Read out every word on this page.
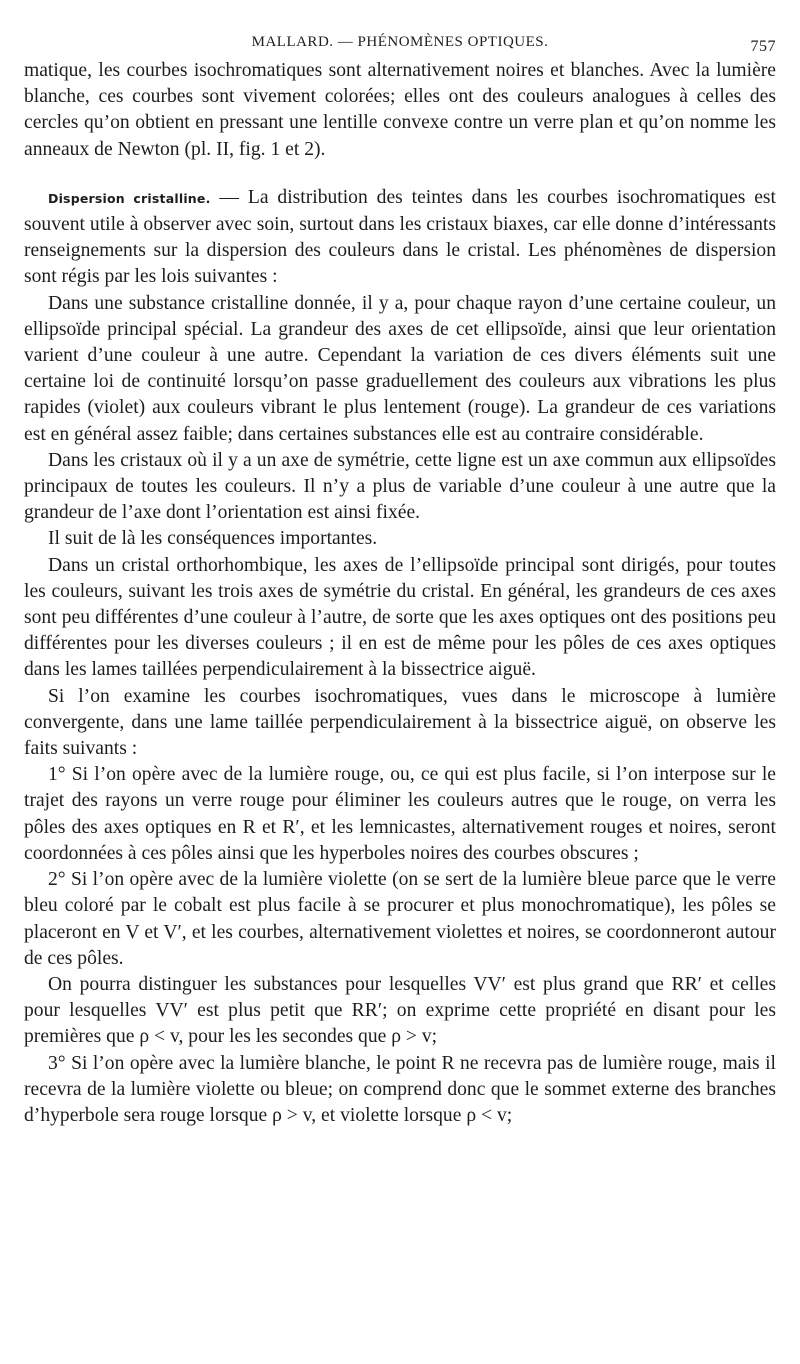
MALLARD. — PHÉNOMÈNES OPTIQUES.	757

matique, les courbes isochromatiques sont alternativement noires et blanches. Avec la lumière blanche, ces courbes sont vivement colorées; elles ont des couleurs analogues à celles des cercles qu’on obtient en pressant une lentille convexe contre un verre plan et qu’on nomme les anneaux de Newton (pl. II, fig. 1 et 2).

Dispersion cristalline. — La distribution des teintes dans les courbes isochromatiques est souvent utile à observer avec soin, surtout dans les cristaux biaxes, car elle donne d’intéressants renseignements sur la dispersion des couleurs dans le cristal. Les phénomènes de dispersion sont régis par les lois suivantes :

Dans une substance cristalline donnée, il y a, pour chaque rayon d’une certaine couleur, un ellipsoïde principal spécial. La grandeur des axes de cet ellipsoïde, ainsi que leur orientation varient d’une couleur à une autre. Cependant la variation de ces divers éléments suit une certaine loi de continuité lorsqu’on passe graduellement des couleurs aux vibrations les plus rapides (violet) aux couleurs vibrant le plus lentement (rouge). La grandeur de ces variations est en général assez faible; dans certaines substances elle est au contraire considérable.

Dans les cristaux où il y a un axe de symétrie, cette ligne est un axe commun aux ellipsoïdes principaux de toutes les couleurs. Il n’y a plus de variable d’une couleur à une autre que la grandeur de l’axe dont l’orientation est ainsi fixée.

Il suit de là les conséquences importantes.

Dans un cristal orthorhombique, les axes de l’ellipsoïde principal sont dirigés, pour toutes les couleurs, suivant les trois axes de symétrie du cristal. En général, les grandeurs de ces axes sont peu différentes d’une couleur à l’autre, de sorte que les axes optiques ont des positions peu différentes pour les diverses couleurs ; il en est de même pour les pôles de ces axes optiques dans les lames taillées perpendiculairement à la bissectrice aiguë.

Si l’on examine les courbes isochromatiques, vues dans le microscope à lumière convergente, dans une lame taillée perpendiculairement à la bissectrice aiguë, on observe les faits suivants :

1° Si l’on opère avec de la lumière rouge, ou, ce qui est plus facile, si l’on interpose sur le trajet des rayons un verre rouge pour éliminer les couleurs autres que le rouge, on verra les pôles des axes optiques en R et R′, et les lemnicastes, alternativement rouges et noires, seront coordonnées à ces pôles ainsi que les hyperboles noires des courbes obscures ;

2° Si l’on opère avec de la lumière violette (on se sert de la lumière bleue parce que le verre bleu coloré par le cobalt est plus facile à se procurer et plus monochromatique), les pôles se placeront en V et V′, et les courbes, alternativement violettes et noires, se coordonneront autour de ces pôles.

On pourra distinguer les substances pour lesquelles VV′ est plus grand que RR′ et celles pour lesquelles VV′ est plus petit que RR′; on exprime cette propriété en disant pour les premières que ρ < v, pour les les secondes que ρ > v;

3° Si l’on opère avec la lumière blanche, le point R ne recevra pas de lumière rouge, mais il recevra de la lumière violette ou bleue; on comprend donc que le sommet externe des branches d’hyperbole sera rouge lorsque ρ > v, et violette lorsque ρ < v;
